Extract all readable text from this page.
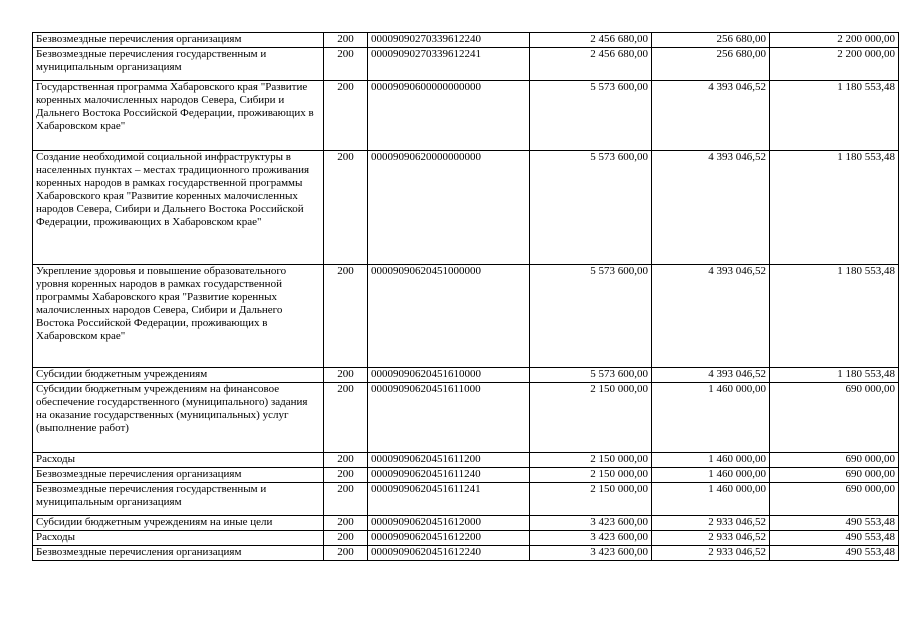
Безвозмездные перечисления организациям	200	00009090270339612240	2 456 680,00	256 680,00	2 200 000,00
Безвозмездные перечисления государственным и муниципальным организациям	200	00009090270339612241	2 456 680,00	256 680,00	2 200 000,00
Государственная программа Хабаровского края "Развитие коренных малочисленных народов Севера, Сибири и Дальнего Востока Российской Федерации, проживающих в Хабаровском крае"	200	00009090600000000000	5 573 600,00	4 393 046,52	1 180 553,48
Создание необходимой социальной инфраструктуры в населенных пунктах – местах традиционного проживания коренных народов в рамках государственной программы Хабаровского края "Развитие коренных малочисленных народов Севера, Сибири и Дальнего Востока Российской Федерации, проживающих в Хабаровском крае"	200	00009090620000000000	5 573 600,00	4 393 046,52	1 180 553,48
Укрепление здоровья и повышение образовательного уровня коренных народов в рамках государственной программы Хабаровского края "Развитие коренных малочисленных народов Севера, Сибири и Дальнего Востока Российской Федерации, проживающих в Хабаровском крае"	200	00009090620451000000	5 573 600,00	4 393 046,52	1 180 553,48
Субсидии бюджетным учреждениям	200	00009090620451610000	5 573 600,00	4 393 046,52	1 180 553,48
Субсидии бюджетным учреждениям на финансовое обеспечение государственного (муниципального) задания на оказание государственных (муниципальных) услуг (выполнение работ)	200	00009090620451611000	2 150 000,00	1 460 000,00	690 000,00
Расходы	200	00009090620451611200	2 150 000,00	1 460 000,00	690 000,00
Безвозмездные перечисления организациям	200	00009090620451611240	2 150 000,00	1 460 000,00	690 000,00
Безвозмездные перечисления государственным и муниципальным организациям	200	00009090620451611241	2 150 000,00	1 460 000,00	690 000,00
Субсидии бюджетным учреждениям на иные цели	200	00009090620451612000	3 423 600,00	2 933 046,52	490 553,48
Расходы	200	00009090620451612200	3 423 600,00	2 933 046,52	490 553,48
Безвозмездные перечисления организациям	200	00009090620451612240	3 423 600,00	2 933 046,52	490 553,48
